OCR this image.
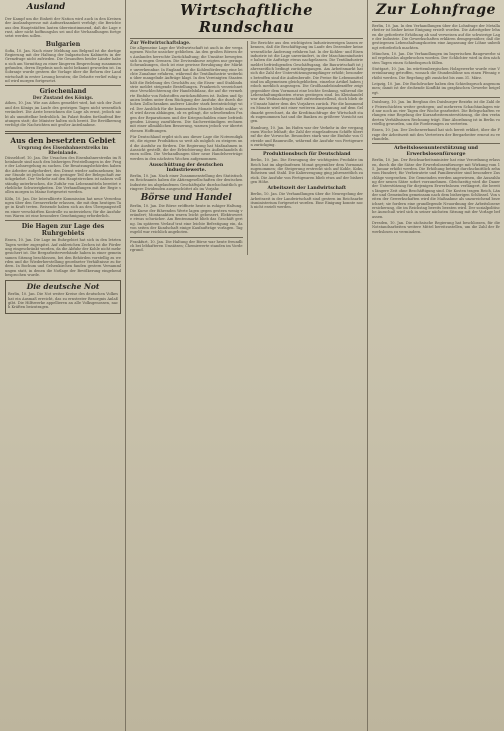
Ausland

Der Kampf um die Einheit der Nation wird auch in den Kreisen der Auslandspresse mit Aufmerksamkeit verfolgt; die Berichte aus den Hauptstädten lauten übereinstimmend, daß die Lage ernst, aber nicht hoffnungslos sei und die Verhandlungen fortgesetzt werden sollen.

Bulgarien

Sofia, 10. Jan. Nach einer Meldung aus Belgrad ist die dortige Regierung mit der Haltung der bulgarischen Kabinetts in der Grenzfrage nicht zufrieden. Die Gesandten beider Länder haben sich am Vormittag zu einer längeren Besprechung zusammengefunden, deren Ergebnis noch nicht bekannt geworden ist. Im Sobranje wurde gestern die Vorlage über die Reform der Landwirtschaft in erster Lesung beraten; die Debatte verlief ruhig und wird morgen fortgesetzt.

Griechenland
Der Zustand des Königs.

Athen, 10. Jan. Wie aus Athen gemeldet wird, hat sich der Zustand des Königs im Laufe des gestrigen Tages nicht wesentlich verändert. Die Ärzte bezeichnen die Lage als ernst, jedoch nicht als unmittelbar bedrohlich. Im Palast finden fortlaufend Beratungen statt; die Minister halten sich bereit. Die Bevölkerung verfolgt die Nachrichten mit großer Anteilnahme.

Aus den besetzten Gebiet
Ursprung des Eisenbahnerstreiks im Rheinlande.

Düsseldorf, 10. Jan. Die Ursachen des Eisenbahnerstreiks im Rheinlande sind nach den bisherigen Feststellungen in der Frage der Lohnregelung zu suchen. Die Besatzungsbehörden haben die Arbeiter aufgefordert, den Dienst wieder aufzunehmen; bis zur Stunde ist jedoch nur ein geringer Teil der Belegschaft zurückgekehrt. Der Verkehr auf den Hauptstrecken ist nahezu vollständig unterbrochen, die Zufuhr von Lebensmitteln bereitet erhebliche Schwierigkeiten. Die Verhandlungen mit der Regie sollen morgen in Mainz fortgesetzt werden.

Köln, 10. Jan. Die Interalliierte Kommission hat neue Verordnungen über den Grenzverkehr erlassen, die mit dem heutigen Tage in Kraft treten. Reisende haben sich an den Übergangsstellen einer verschärften Kontrolle zu unterziehen; für die Ausfuhr von Waren ist eine besondere Genehmigung erforderlich.

Die Hagen zur Lage des Ruhrgebiets

Essen, 10. Jan. Die Lage im Ruhrgebiet hat sich in den letzten Tagen weiter zugespitzt. Auf zahlreichen Zechen ist die Förderung eingeschränkt worden, da die Abfuhr der Kohle nicht mehr gesichert ist. Die Bergarbeiterverbände haben in einer gemeinsamen Sitzung beschlossen, bei den Behörden vorstellig zu werden und die Wiederherstellung geordneter Verhältnisse zu fordern. In Bochum und Gelsenkirchen fanden gestern Versammlungen statt, in denen die Notlage der Bevölkerung eingehend besprochen wurde.

Die deutsche Not

Berlin, 10. Jan. Die Not weiter Kreise des deutschen Volkes hat ein Ausmaß erreicht, das zu ernstester Besorgnis Anlaß gibt. Die Hilfswerke appellieren an alle Volksgenossen, nach Kräften beizutragen.

Wirtschaftliche Rundschau
Zur Weltwirtschaftslage.

Die allgemeine Lage der Weltwirtschaft ist auch in der vergangenen Woche unsicher geblieben. An den großen Börsen des Auslandes herrschte Zurückhaltung; die Umsätze bewegten sich in engen Grenzen. Die Devisenkurse zeigten nur geringe Schwankungen, doch ist eine gewisse Beruhigung der Märkte unverkennbar. In England hat die Kohlenförderung eine leichte Zunahme erfahren, während die Textilindustrie weiterhin über mangelnde Aufträge klagt. In den Vereinigten Staaten hält die Belebung des Geschäfts an; die Eisen- und Stahlindustrie meldet steigende Bestellungen. Frankreich verzeichnet eine Verschlechterung der Handelsbilanz, die auf die vermehrte Einfuhr von Rohstoffen zurückzuführen ist. Italien und Spanien leiden unter dem Rückgang der Ausfuhr, die durch die hohen Zollschranken anderer Länder stark beeinträchtigt wird. Der Ausblick für die kommenden Monate bleibt unklar; viel wird davon abhängen, ob es gelingt, die schwebenden Fragen der Reparationen und der Kriegsschulden einer befriedigenden Lösung zuzuführen. Die Sachverständigen rechnen mit einer allmählichen Besserung, warnen jedoch vor übertriebenen Hoffnungen.

Für Deutschland ergibt sich aus dieser Lage die Notwendigkeit, die eigene Produktion so weit als möglich zu steigern und die Ausfuhr zu fördern. Die Regierung hat Maßnahmen in Aussicht gestellt, die der Erleichterung des Außenhandels dienen sollen. Die Verhandlungen über neue Handelsverträge werden in den nächsten Wochen aufgenommen.

Ausschüttung der deutschen Industriewerte.

Berlin, 10. Jan. Nach einer Zusammenstellung des Statistischen Reichsamts haben die Aktiengesellschaften der deutschen Industrie im abgelaufenen Geschäftsjahr durchschnittlich geringere Dividenden ausgeschüttet als im Vorjahr.

Börse und Handel

Berlin, 10. Jan. Die Börse eröffnete heute in ruhiger Haltung. Die Kurse der führenden Werte lagen gegen gestern wenig verändert; Montanaktien waren leicht gebessert, Elektrowerte etwas schwächer. Am Rentenmarkt blieb das Geschäft gering. Im späteren Verlauf trat eine leichte Befestigung ein, da von seiten der Kundschaft einige Kaufaufträge vorlagen. Tagesgeld war reichlich angeboten.

Frankfurt, 10. Jan. Die Haltung der Börse war heute freundlich bei lebhafteren Umsätzen; Chemiewerte standen im Vordergrund.

Die Berichte aus den wichtigsten Industriezweigen lassen erkennen, daß die Beschäftigung im Laufe des Dezember keine wesentliche Änderung erfahren hat. In der Kohlen- und Eisenindustrie ist die Lage unverändert, in der Maschinenindustrie haben die Aufträge etwas nachgelassen. Die Textilindustrie meldet befriedigenden Geschäftsgang, die Bauwirtschaft ist jahreszeitlich bedingt zurückgegangen. Am Arbeitsmarkt hat sich die Zahl der Unterstützungsempfänger erhöht; besonders betroffen sind die Außenberufe. Die Preise für Lebensmittel sind im allgemeinen gleichgeblieben, einzelne Artikel haben jedoch merklich angezogen. Die Großhandelsindexziffer zeigt gegenüber dem Vormonat eine leichte Senkung, während die Lebenshaltungskosten etwas gestiegen sind. Im Kleinhandel war das Weihnachtsgeschäft zufriedenstellend, doch blieb der Umsatz hinter dem des Vorjahres zurück. Für die kommenden Monate wird mit einer weiteren Anspannung auf dem Geldmarkt gerechnet, da die Kreditnachfrage der Wirtschaft stark zugenommen hat und die Banken zu größerer Vorsicht neigen.

Hamburg, 10. Jan. Im Hafen war der Verkehr in der vergangenen Woche lebhaft; die Zahl der eingelaufenen Schiffe übertraf die der Vorwoche. Besonders stark war die Einfuhr von Getreide und Baumwolle, während die Ausfuhr von Fertigwaren zurückging.

Produktionsbuch für Deutschland

Berlin, 10. Jan. Die Erzeugung der wichtigsten Produkte im Reich hat im abgelaufenen Monat gegenüber dem Vormonat zugenommen; die Steigerung erstreckt sich auf Kohle, Koks, Roheisen und Stahl. Die Kalierzeugung ging jahreszeitlich zurück. Die Ausfuhr von Fertigwaren blieb etwa auf der bisherigen Höhe.

Arbeitszeit der Landwirtschaft

Berlin, 10. Jan. Die Verhandlungen über die Neuregelung der Arbeitszeit in der Landwirtschaft sind gestern im Reichsarbeitsministerium fortgesetzt worden. Eine Einigung konnte noch nicht erzielt werden.

Zur Lohnfrage

Berlin, 10. Jan. In den Verhandlungen über die Lohnfrage der Metallarbeiter ist bisher keine Einigung erzielt worden. Die Arbeitgeber lehnen die geforderte Erhöhung ab und verweisen auf die schwierige Lage der Industrie. Die Gewerkschaften erklären demgegenüber, daß die gestiegenen Lebenshaltungskosten eine Anpassung der Löhne unbedingt erforderlich machten.

München, 10. Jan. Die Verhandlungen im bayerischen Baugewerbe sind ergebnislos abgebrochen worden. Der Schlichter wird in den nächsten Tagen einen Schiedsspruch fällen.

Stuttgart, 10. Jan. Im württembergischen Holzgewerbe wurde eine Vereinbarung getroffen, wonach die Stundenlöhne um einen Pfennig erhöht werden. Die Regelung gilt zunächst bis zum 31. März.

Leipzig, 10. Jan. Die Buchdrucker haben den Schiedsspruch angenommen; damit ist der drohende Konflikt im graphischen Gewerbe beigelegt.

Duisburg, 10. Jan. Im Bergbau des Duisburger Bezirks ist die Zahl der Feierschichten weiter gestiegen; auf mehreren Schachtanlagen wird nur noch an vier Tagen der Woche gearbeitet. Die Belegschaften verlangen eine Regelung der Kurzarbeiterunterstützung, die den veränderten Verhältnissen Rechnung trägt. Eine Abordnung ist in Berlin vorstellig geworden, um die Forderungen zu vertreten.

Essen, 10. Jan. Der Zechenverband hat sich bereit erklärt, über die Frage der Arbeitszeit mit den Vertretern der Bergarbeiter erneut zu verhandeln.

Arbeitslosenunterstützung und Erwerbslosenfürsorge

Berlin, 10. Jan. Der Reichsarbeitsminister hat eine Verordnung erlassen, durch die die Sätze der Erwerbslosenfürsorge mit Wirkung vom 15. Januar erhöht werden. Die Erhöhung beträgt durchschnittlich zehn vom Hundert; für Verheiratete und Familienväter sind besondere Zuschläge vorgesehen. Die Gemeinden werden angewiesen, die Auszahlung der neuen Sätze sofort vorzunehmen. Gleichzeitig wird die Dauer der Unterstützung für diejenigen Erwerbslosen verlängert, die bereits längere Zeit ohne Beschäftigung sind. Die Kosten tragen Reich, Länder und Gemeinden gemeinsam nach dem bisherigen Schlüssel. Von seiten der Gewerkschaften wird die Maßnahme als unzureichend bezeichnet; sie fordern eine grundlegende Neuordnung der Arbeitslosenversicherung, die im Reichstag bereits beraten wird. Der sozialpolitische Ausschuß wird sich in seiner nächsten Sitzung mit der Vorlage befassen.

Dresden, 10. Jan. Die sächsische Regierung hat beschlossen, für die Notstandsarbeiten weitere Mittel bereitzustellen, um die Zahl der Erwerbslosen zu vermindern.
